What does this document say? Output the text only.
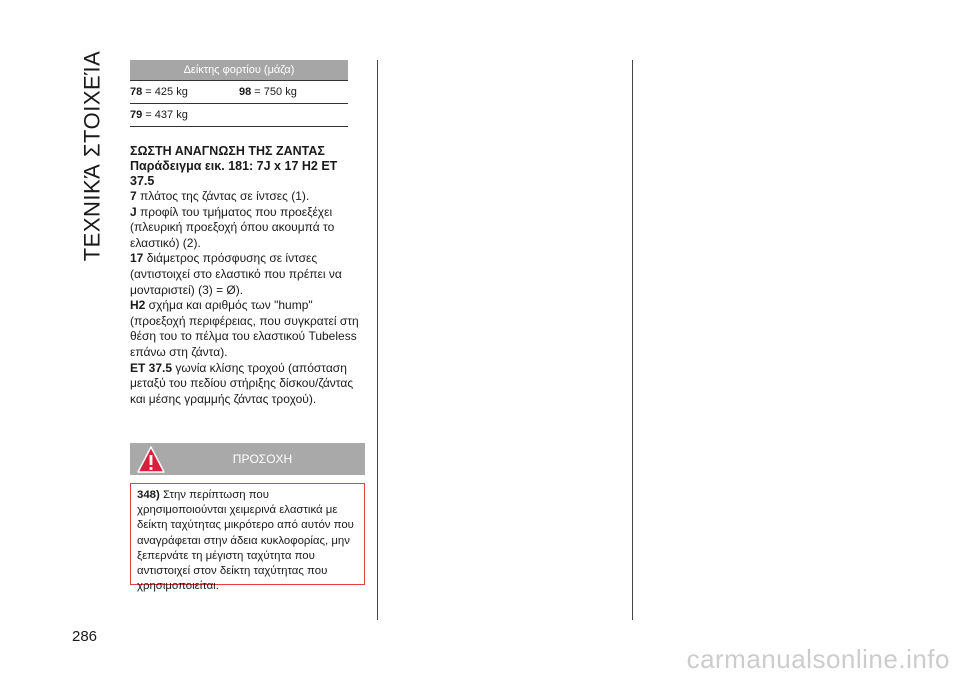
ΤΕΧΝΙΚΆ ΣΤΟΙΧΕΊΑ	Δείκτης φορτίου (μάζα)
78 = 425 kg	98 = 750 kg
79 = 437 kg
ΣΩΣΤΗ ΑΝΑΓΝΩΣΗ ΤΗΣ ΖΑΝΤΑΣ
Παράδειγμα εικ. 181: 7J x 17 H2 ET 37.5

7 πλάτος της ζάντας σε ίντσες (1).

J προφίλ του τμήματος που προεξέχει (πλευρική προεξοχή όπου ακουμπά το ελαστικό) (2).

17 διάμετρος πρόσφυσης σε ίντσες (αντιστοιχεί στο ελαστικό που πρέπει να μονταριστεί) (3) = Ø).

H2 σχήμα και αριθμός των "hump" (προεξοχή περιφέρειας, που συγκρατεί στη θέση του το πέλμα του ελαστικού Tubeless επάνω στη ζάντα).

ET 37.5 γωνία κλίσης τροχού (απόσταση μεταξύ του πεδίου στήριξης δίσκου/ζάντας και μέσης γραμμής ζάντας τροχού).

ΠΡΟΣΟΧΗ
348) Στην περίπτωση που χρησιμοποιούνται χειμερινά ελαστικά με δείκτη ταχύτητας μικρότερο από αυτόν που αναγράφεται στην άδεια κυκλοφορίας, μην ξεπερνάτε τη μέγιστη ταχύτητα που αντιστοιχεί στον δείκτη ταχύτητας που χρησιμοποιείται.
286
carmanualsonline.info
